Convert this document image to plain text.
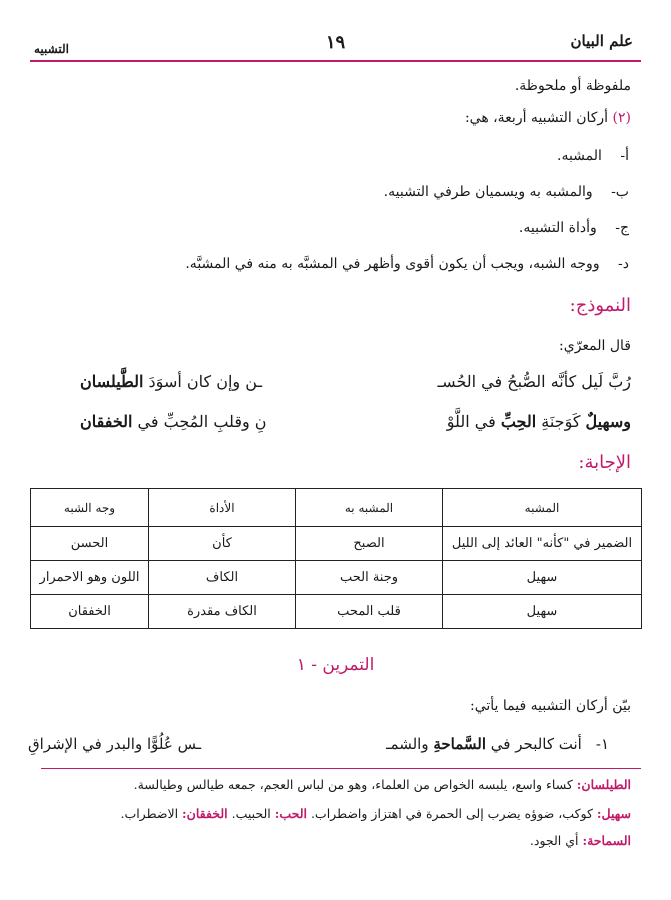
علم البيان
١٩
التشبيه
ملفوظة أو ملحوظة.
(٢) أركان التشبيه أربعة، هي:
أ- المشبه.
ب- والمشبه به ويسميان طرفي التشبيه.
ج- وأداة التشبيه.
د- ووجه الشبه، ويجب أن يكون أقوى وأظهر في المشبَّه به منه في المشبَّه.
النموذج:
قال المعرّي:
رُبَّ لَيل كأنَّه الصُّبحُ في الحُسـ
ـن وإن كان أسوَدَ الطَّيلسان
وسهيلٌ كَوَجنَةِ الحِبِّ في اللَّوْ
نِ وقلبِ المُحِبِّ في الخفقان
الإجابة:
المشبه	المشبه به	الأداة	وجه الشبه
الضمير في "كأنه" العائد إلى الليل	الصبح	كأن	الحسن
سهيل	وجنة الحب	الكاف	اللون وهو الاحمرار
سهيل	قلب المحب	الكاف مقدرة	الخفقان
التمرين - ١
بيّن أركان التشبيه فيما يأتي:
١-أنت كالبحر في السَّماحةِ والشمـ
ـس عُلُوًّا والبدر في الإشراقِ
الطيلسان: كساء واسع، يلبسه الخواص من العلماء، وهو من لباس العجم، جمعه طيالس وطيالسة.
سهيل: كوكب، ضوؤه يضرب إلى الحمرة في اهتزاز واضطراب. الحب: الحبيب. الخفقان: الاضطراب.
السماحة: أي الجود.
